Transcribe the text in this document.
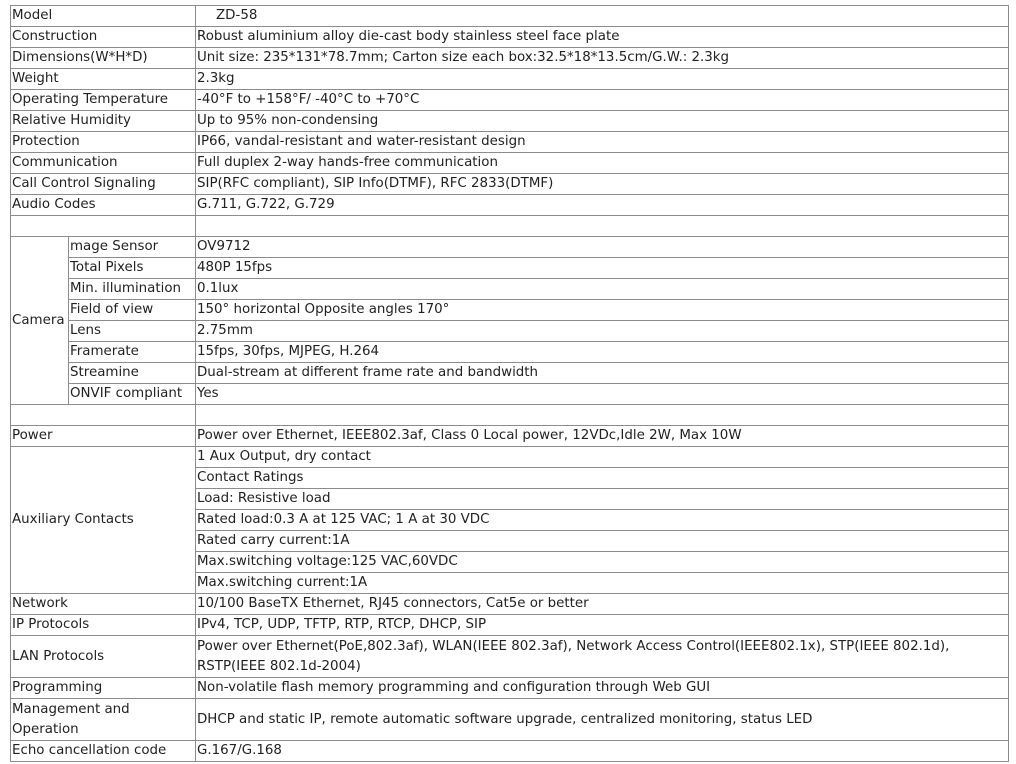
Model		ZD-58
Construction		Robust aluminium alloy die-cast body stainless steel face plate
Dimensions(W*H*D)		Unit size: 235*131*78.7mm; Carton size each box:32.5*18*13.5cm/G.W.: 2.3kg
Weight		2.3kg
Operating Temperature		-40°F to +158°F/ -40°C to +70°C
Relative Humidity		Up to 95% non-condensing
Protection		IP66, vandal-resistant and water-resistant design
Communication		Full duplex 2-way hands-free communication
Call Control Signaling		SIP(RFC compliant), SIP Info(DTMF), RFC 2833(DTMF)
Audio Codes		G.711, G.722, G.729

Camera	mage Sensor	OV9712
	Total Pixels	480P 15fps
	Min. illumination	0.1lux
	Field of view	150° horizontal Opposite angles 170°
	Lens	2.75mm
	Framerate	15fps, 30fps, MJPEG, H.264
	Streamine	Dual-stream at different frame rate and bandwidth
	ONVIF compliant	Yes

Power		Power over Ethernet, IEEE802.3af, Class 0 Local power, 12VDc,Idle 2W, Max 10W
Auxiliary Contacts		1 Aux Output, dry contact
		Contact Ratings
		Load: Resistive load
		Rated load:0.3 A at 125 VAC; 1 A at 30 VDC
		Rated carry current:1A
		Max.switching voltage:125 VAC,60VDC
		Max.switching current:1A
Network		10/100 BaseTX Ethernet, RJ45 connectors, Cat5e or better
IP Protocols		IPv4, TCP, UDP, TFTP, RTP, RTCP, DHCP, SIP
LAN Protocols		Power over Ethernet(PoE,802.3af), WLAN(IEEE 802.3af), Network Access Control(IEEE802.1x), STP(IEEE 802.1d), RSTP(IEEE 802.1d-2004)
Programming		Non-volatile flash memory programming and configuration through Web GUI
Management and Operation		DHCP and static IP, remote automatic software upgrade, centralized monitoring, status LED
Echo cancellation code		G.167/G.168
